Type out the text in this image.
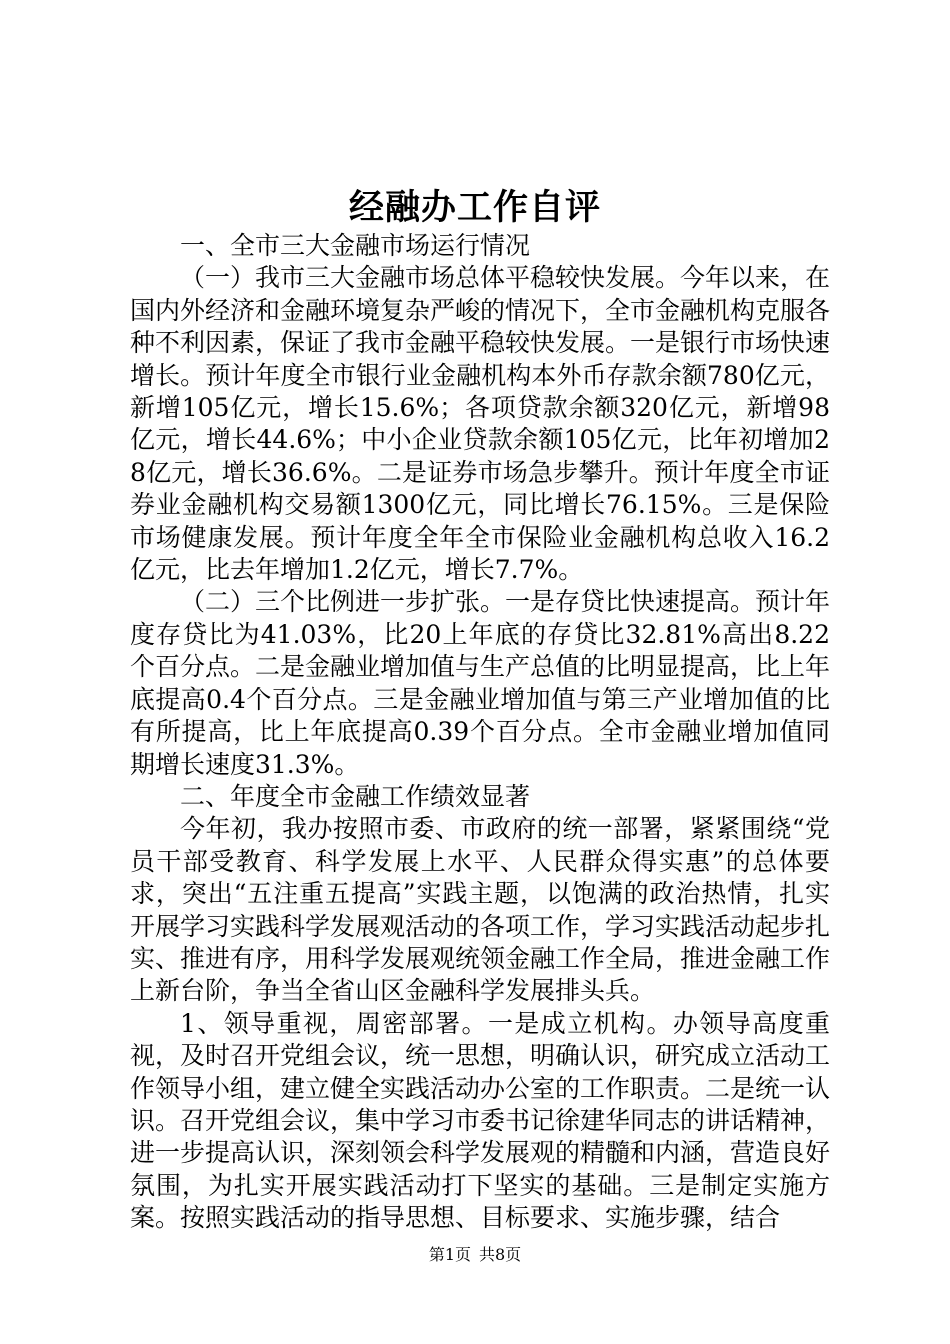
经融办工作自评

一、全市三大金融市场运行情况

（一）我市三大金融市场总体平稳较快发展。今年以来，在国内外经济和金融环境复杂严峻的情况下，全市金融机构克服各种不利因素，保证了我市金融平稳较快发展。一是银行市场快速增长。预计年度全市银行业金融机构本外币存款余额780亿元，新增105亿元，增长15.6%；各项贷款余额320亿元，新增98亿元，增长44.6%；中小企业贷款余额105亿元，比年初增加28亿元，增长36.6%。二是证券市场急步攀升。预计年度全市证券业金融机构交易额1300亿元，同比增长76.15%。三是保险市场健康发展。预计年度全年全市保险业金融机构总收入16.2亿元，比去年增加1.2亿元，增长7.7%。

（二）三个比例进一步扩张。一是存贷比快速提高。预计年度存贷比为41.03%，比20上年底的存贷比32.81%高出8.22个百分点。二是金融业增加值与生产总值的比明显提高，比上年底提高0.4个百分点。三是金融业增加值与第三产业增加值的比有所提高，比上年底提高0.39个百分点。全市金融业增加值同期增长速度31.3%。

二、年度全市金融工作绩效显著

今年初，我办按照市委、市政府的统一部署，紧紧围绕“党员干部受教育、科学发展上水平、人民群众得实惠”的总体要求，突出“五注重五提高”实践主题，以饱满的政治热情，扎实开展学习实践科学发展观活动的各项工作，学习实践活动起步扎实、推进有序，用科学发展观统领金融工作全局，推进金融工作上新台阶，争当全省山区金融科学发展排头兵。

1、领导重视，周密部署。一是成立机构。办领导高度重视，及时召开党组会议，统一思想，明确认识，研究成立活动工作领导小组，建立健全实践活动办公室的工作职责。二是统一认识。召开党组会议，集中学习市委书记徐建华同志的讲话精神，进一步提高认识，深刻领会科学发展观的精髓和内涵，营造良好氛围，为扎实开展实践活动打下坚实的基础。三是制定实施方案。按照实践活动的指导思想、目标要求、实施步骤，结合

第1页 共8页
